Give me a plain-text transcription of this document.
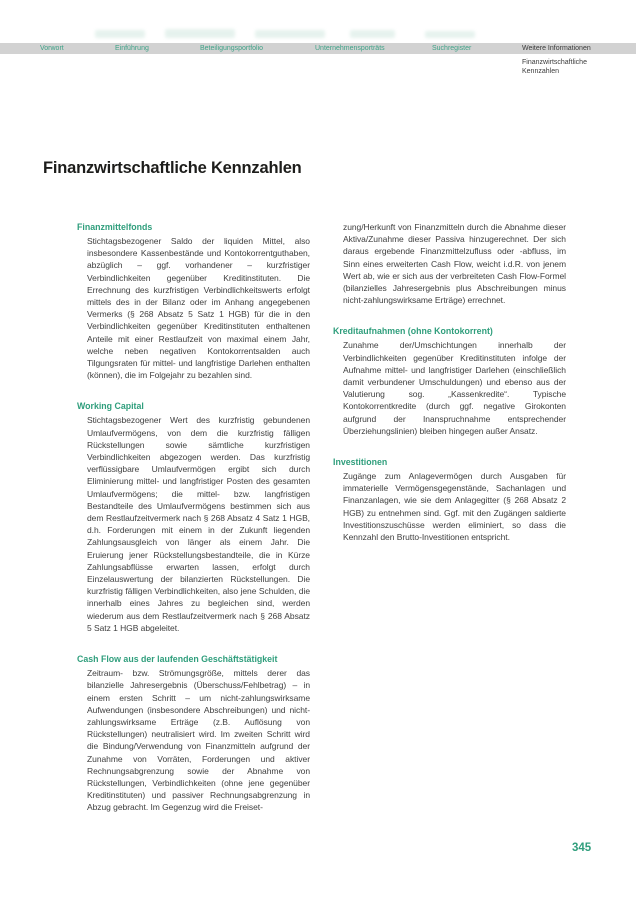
Vorwort	Einführung	Beteiligungsportfolio	Unternehmensporträts	Suchregister	Weitere Informationen
Finanzwirtschaftliche
Kennzahlen
Finanzwirtschaftliche Kennzahlen
Finanzmittelfonds

Stichtagsbezogener Saldo der liquiden Mittel, also insbesondere Kassenbestände und Kontokorrentguthaben, abzüglich – ggf. vorhandener – kurzfristiger Verbindlichkeiten gegenüber Kreditinstituten. Die Errechnung des kurzfristigen Verbindlichkeitswerts erfolgt mittels des in der Bilanz oder im Anhang angegebenen Vermerks (§ 268 Absatz 5 Satz 1 HGB) für die in den Verbindlichkeiten gegenüber Kreditinstituten enthaltenen Anteile mit einer Restlaufzeit von maximal einem Jahr, welche neben negativen Kontokorrentsalden auch Tilgungsraten für mittel- und langfristige Darlehen enthalten (können), die im Folgejahr zu bezahlen sind.

Working Capital

Stichtagsbezogener Wert des kurzfristig gebundenen Umlaufvermögens, von dem die kurzfristig fälligen Rückstellungen sowie sämtliche kurzfristigen Verbindlichkeiten abgezogen werden. Das kurzfristig verflüssigbare Umlaufvermögen ergibt sich durch Eliminierung mittel- und langfristiger Posten des gesamten Umlaufvermögens; die mittel- bzw. langfristigen Bestandteile des Umlaufvermögens bestimmen sich aus dem Restlaufzeitvermerk nach § 268 Absatz 4 Satz 1 HGB, d.h. Forderungen mit einem in der Zukunft liegenden Zahlungsausgleich von länger als einem Jahr. Die Eruierung jener Rückstellungsbestandteile, die in Kürze Zahlungsabflüsse erwarten lassen, erfolgt durch Einzelauswertung der bilanzierten Rückstellungen. Die kurzfristig fälligen Verbindlichkeiten, also jene Schulden, die innerhalb eines Jahres zu begleichen sind, werden wiederum aus dem Restlaufzeitvermerk nach § 268 Absatz 5 Satz 1 HGB abgeleitet.

Cash Flow aus der laufenden Geschäftstätigkeit

Zeitraum- bzw. Strömungsgröße, mittels derer das bilanzielle Jahresergebnis (Überschuss/Fehlbetrag) – in einem ersten Schritt – um nicht-zahlungswirksame Aufwendungen (insbesondere Abschreibungen) und nicht-zahlungswirksame Erträge (z.B. Auflösung von Rückstellungen) neutralisiert wird. Im zweiten Schritt wird die Bindung/Verwendung von Finanzmitteln aufgrund der Zunahme von Vorräten, Forderungen und aktiver Rechnungsabgrenzung sowie der Abnahme von Rückstellungen, Verbindlichkeiten (ohne jene gegenüber Kreditinstituten) und passiver Rechnungsabgrenzung in Abzug gebracht. Im Gegenzug wird die Freiset-

zung/Herkunft von Finanzmitteln durch die Abnahme dieser Aktiva/Zunahme dieser Passiva hinzugerechnet. Der sich daraus ergebende Finanzmittelzufluss oder -abfluss, im Sinn eines erweiterten Cash Flow, weicht i.d.R. von jenem Wert ab, wie er sich aus der verbreiteten Cash Flow-Formel (bilanzielles Jahresergebnis plus Abschreibungen minus nicht-zahlungswirksame Erträge) errechnet.

Kreditaufnahmen (ohne Kontokorrent)

Zunahme der/Umschichtungen innerhalb der Verbindlichkeiten gegenüber Kreditinstituten infolge der Aufnahme mittel- und langfristiger Darlehen (einschließlich damit verbundener Umschuldungen) und ebenso aus der Valutierung sog. „Kassenkredite“. Typische Kontokorrentkredite (durch ggf. negative Girokonten aufgrund der Inanspruchnahme entsprechender Überziehungslinien) bleiben hingegen außer Ansatz.

Investitionen

Zugänge zum Anlagevermögen durch Ausgaben für immaterielle Vermögensgegenstände, Sachanlagen und Finanzanlagen, wie sie dem Anlagegitter (§ 268 Absatz 2 HGB) zu entnehmen sind. Ggf. mit den Zugängen saldierte Investitionszuschüsse werden eliminiert, so dass die Kennzahl den Brutto-Investitionen entspricht.

345
